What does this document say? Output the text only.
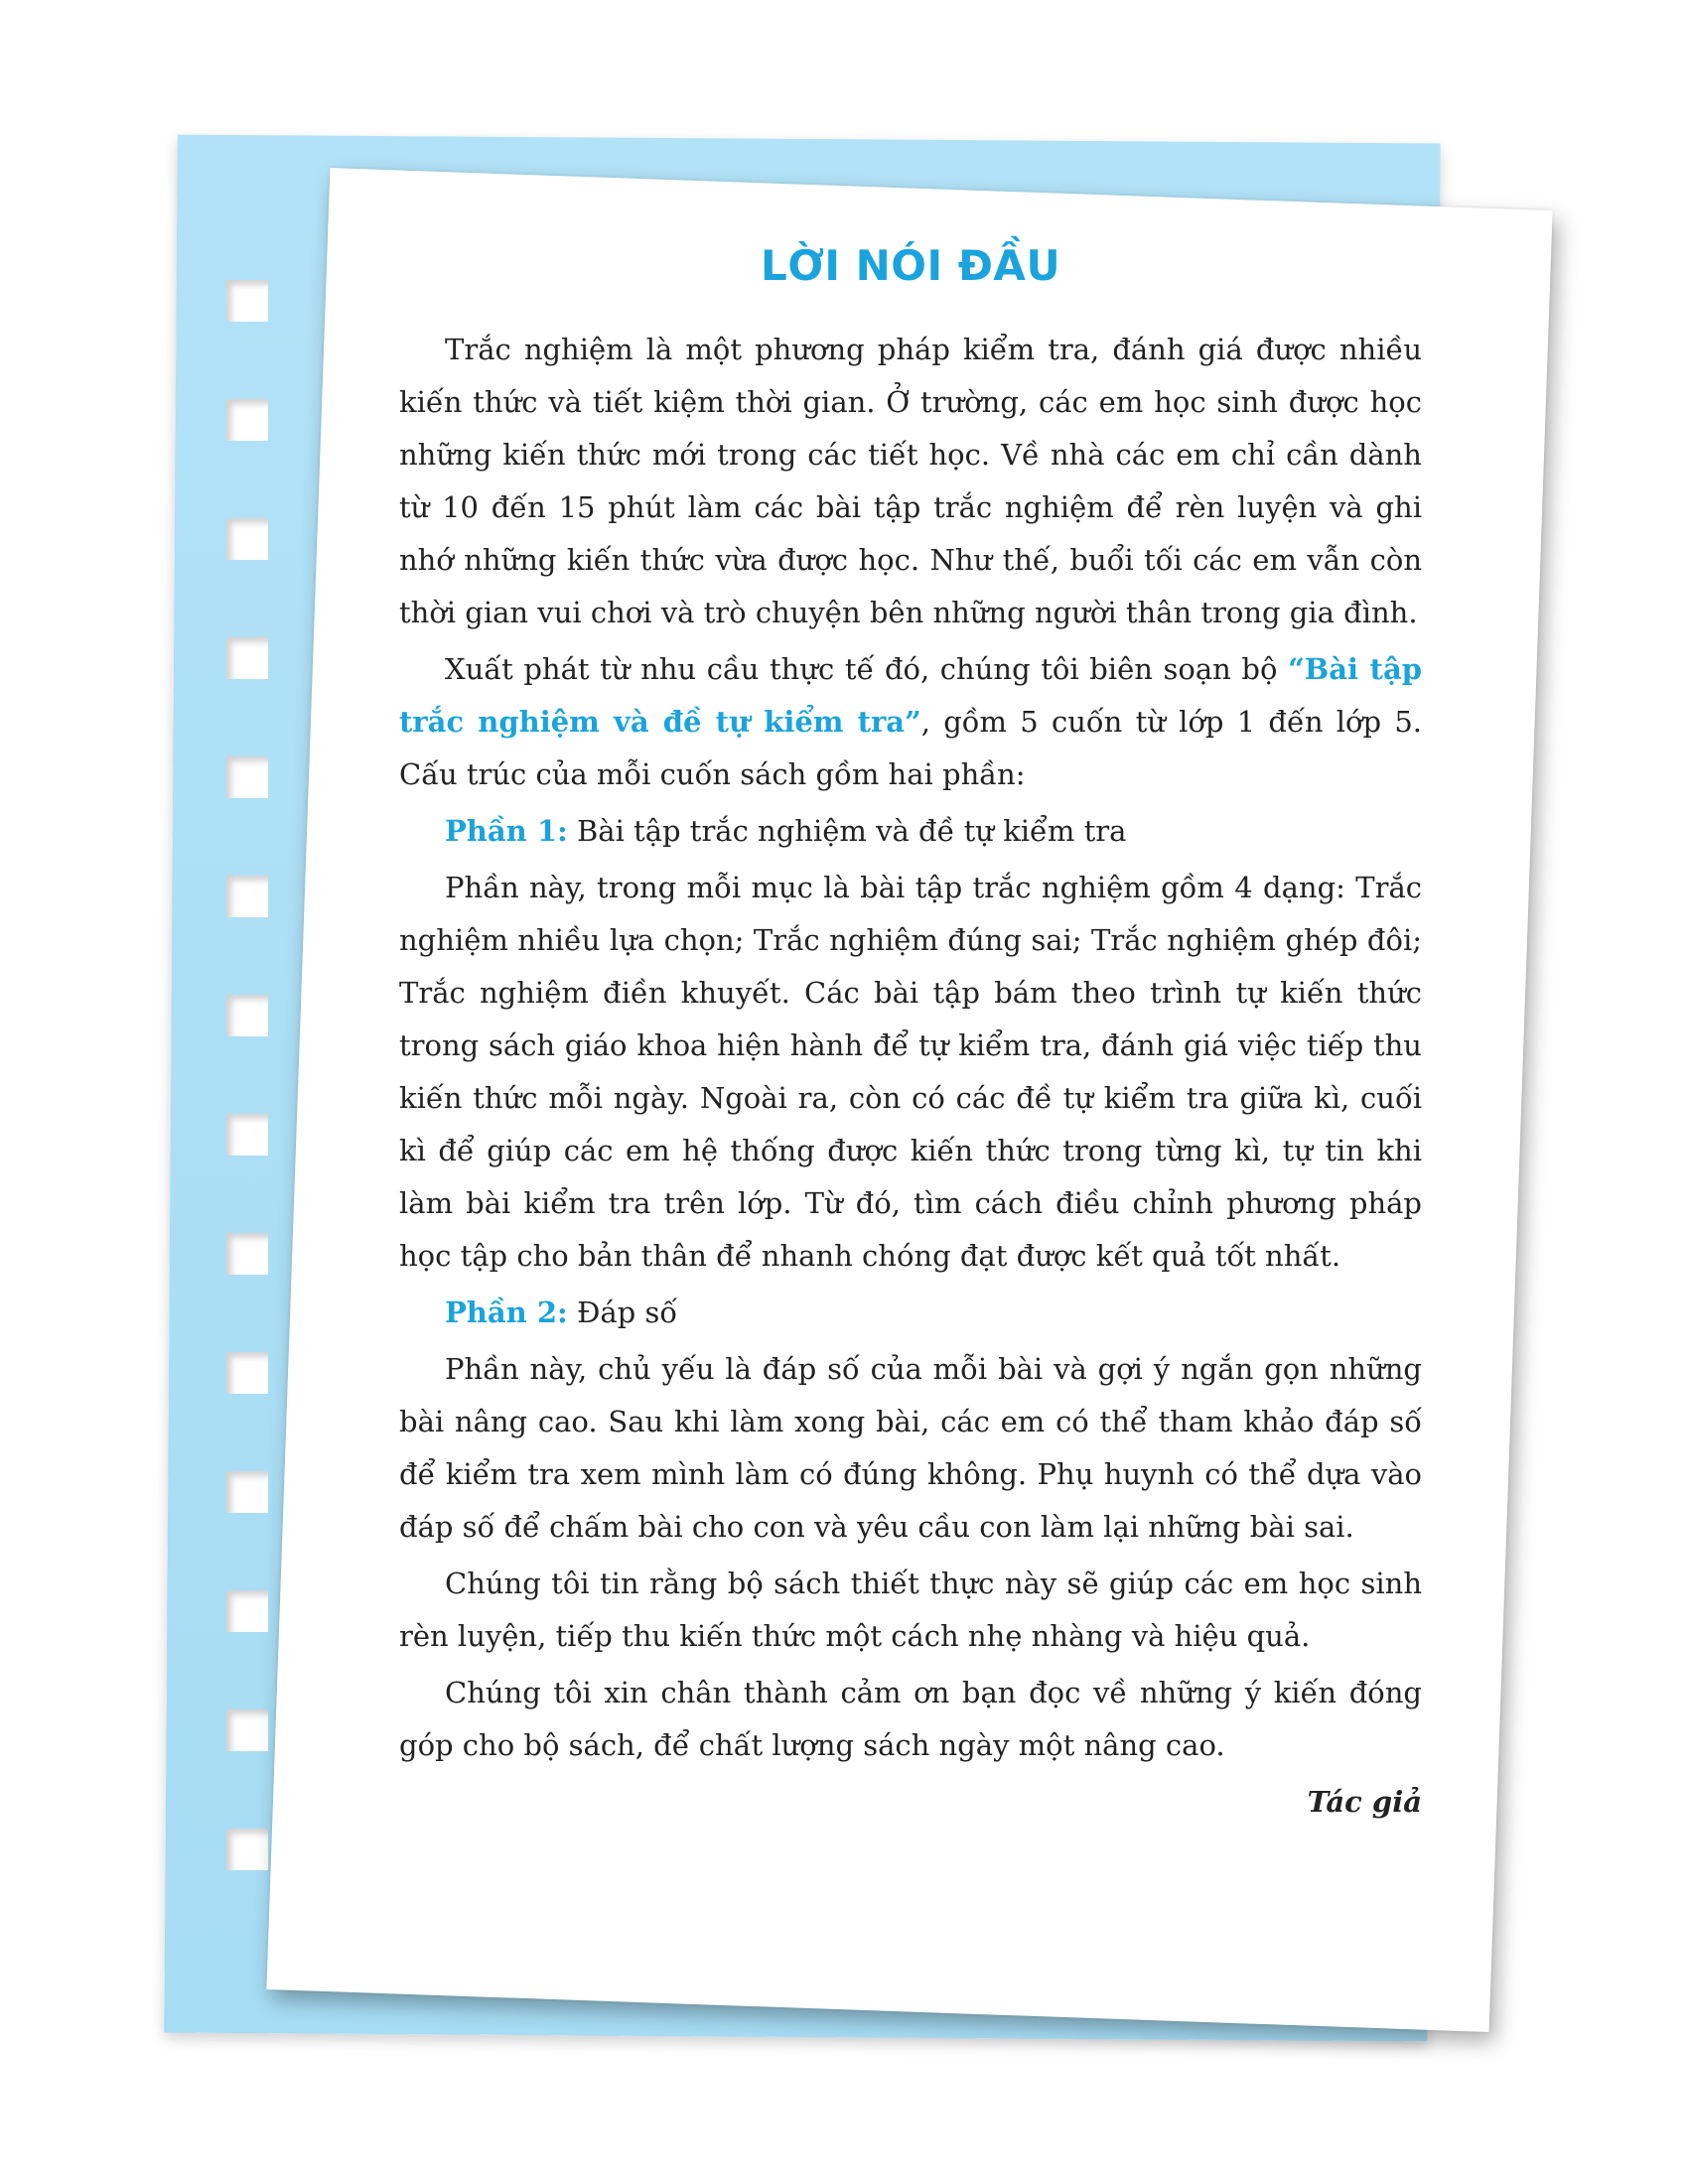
LỜI NÓI ĐẦU

Trắc nghiệm là một phương pháp kiểm tra, đánh giá được nhiều kiến thức và tiết kiệm thời gian. Ở trường, các em học sinh được học những kiến thức mới trong các tiết học. Về nhà các em chỉ cần dành từ 10 đến 15 phút làm các bài tập trắc nghiệm để rèn luyện và ghi nhớ những kiến thức vừa được học. Như thế, buổi tối các em vẫn còn thời gian vui chơi và trò chuyện bên những người thân trong gia đình.

Xuất phát từ nhu cầu thực tế đó, chúng tôi biên soạn bộ “Bài tập trắc nghiệm và đề tự kiểm tra”, gồm 5 cuốn từ lớp 1 đến lớp 5. Cấu trúc của mỗi cuốn sách gồm hai phần:

Phần 1: Bài tập trắc nghiệm và đề tự kiểm tra

Phần này, trong mỗi mục là bài tập trắc nghiệm gồm 4 dạng: Trắc nghiệm nhiều lựa chọn; Trắc nghiệm đúng sai; Trắc nghiệm ghép đôi; Trắc nghiệm điền khuyết. Các bài tập bám theo trình tự kiến thức trong sách giáo khoa hiện hành để tự kiểm tra, đánh giá việc tiếp thu kiến thức mỗi ngày. Ngoài ra, còn có các đề tự kiểm tra giữa kì, cuối kì để giúp các em hệ thống được kiến thức trong từng kì, tự tin khi làm bài kiểm tra trên lớp. Từ đó, tìm cách điều chỉnh phương pháp học tập cho bản thân để nhanh chóng đạt được kết quả tốt nhất.

Phần 2: Đáp số

Phần này, chủ yếu là đáp số của mỗi bài và gợi ý ngắn gọn những bài nâng cao. Sau khi làm xong bài, các em có thể tham khảo đáp số để kiểm tra xem mình làm có đúng không. Phụ huynh có thể dựa vào đáp số để chấm bài cho con và yêu cầu con làm lại những bài sai.

Chúng tôi tin rằng bộ sách thiết thực này sẽ giúp các em học sinh rèn luyện, tiếp thu kiến thức một cách nhẹ nhàng và hiệu quả.

Chúng tôi xin chân thành cảm ơn bạn đọc về những ý kiến đóng góp cho bộ sách, để chất lượng sách ngày một nâng cao.

Tác giả
